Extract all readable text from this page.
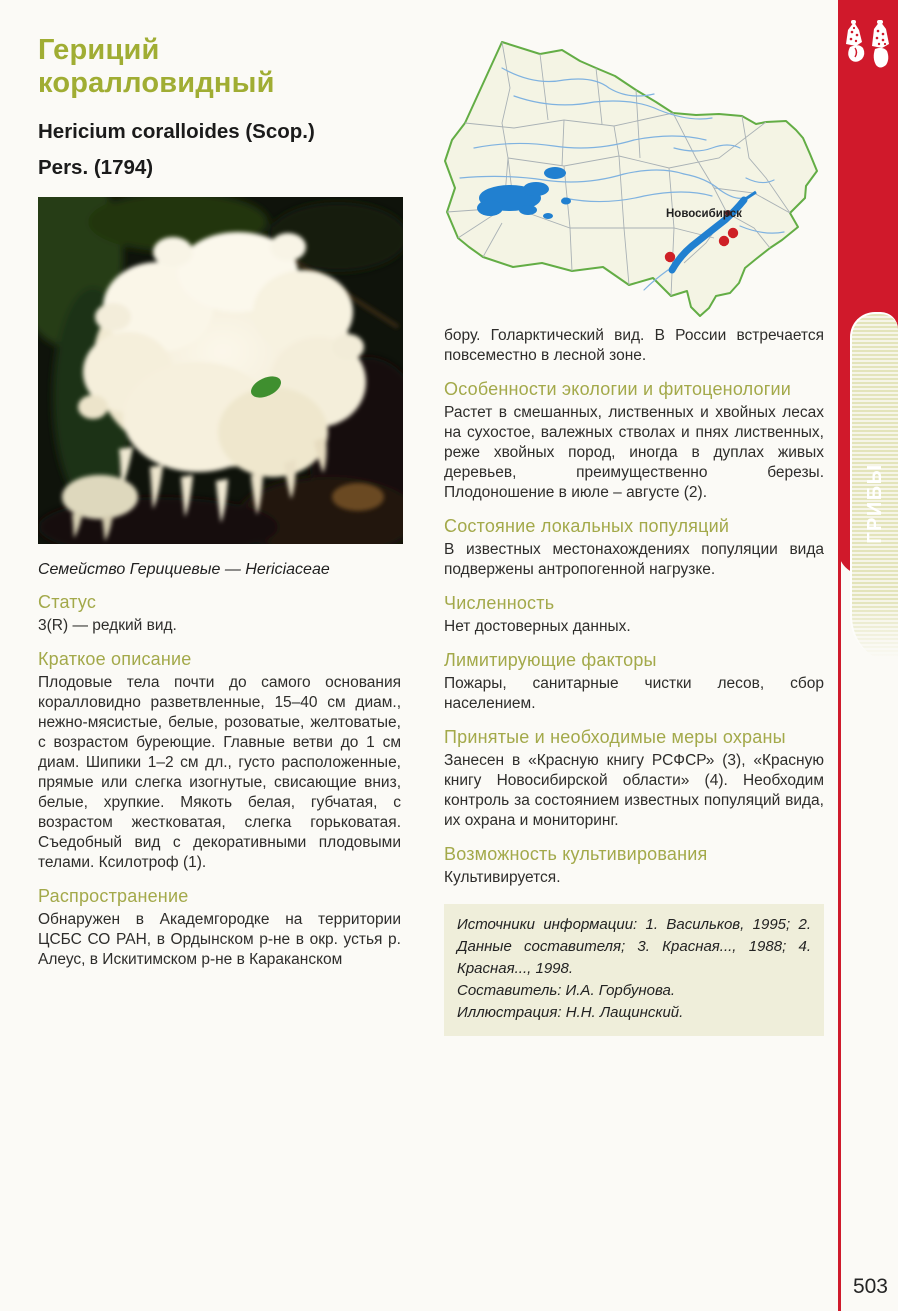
Гериций коралловидный
Hericium coralloides (Scop.)
Pers. (1794)
Семейство Герициевые — Hericiaceae
Статус

3(R) — редкий вид.

Краткое описание

Плодовые тела почти до самого основания коралловидно разветвленные, 15–40 см диам., нежно-мясистые, белые, розоватые, желтоватые, с возрастом буреющие. Главные ветви до 1 см диам. Шипики 1–2 см дл., густо расположенные, прямые или слегка изогнутые, свисающие вниз, белые, хрупкие. Мякоть белая, губчатая, с возрастом жестковатая, слегка горьковатая. Съедобный вид с декоративными плодовыми телами. Ксилотроф (1).

Распространение

Обнаружен в Академгородке на территории ЦСБС СО РАН, в Ордынском р-не в окр. устья р. Алеус, в Искитимском р-не в Караканском

Новосибирск

бору. Голарктический вид. В России встречается повсеместно в лесной зоне.

Особенности экологии и фитоценологии

Растет в смешанных, лиственных и хвойных лесах на сухостое, валежных стволах и пнях лиственных, реже хвойных пород, иногда в дуплах живых деревьев, преимущественно березы. Плодоношение в июле – августе (2).

Состояние локальных популяций

В известных местонахождениях популяции вида подвержены антропогенной нагрузке.

Численность

Нет достоверных данных.

Лимитирующие факторы

Пожары, санитарные чистки лесов, сбор населением.

Принятые и необходимые меры охраны

Занесен в «Красную книгу РСФСР» (3), «Красную книгу Новосибирской области» (4). Необходим контроль за состоянием известных популяций вида, их охрана и мониторинг.

Возможность культивирования

Культивируется.

Источники информации: 1. Васильков, 1995; 2. Данные составителя; 3. Красная..., 1988; 4. Красная..., 1998.

Составитель: И.А. Горбунова.

Иллюстрация: Н.Н. Лащинский.

ГРИБЫ
503
